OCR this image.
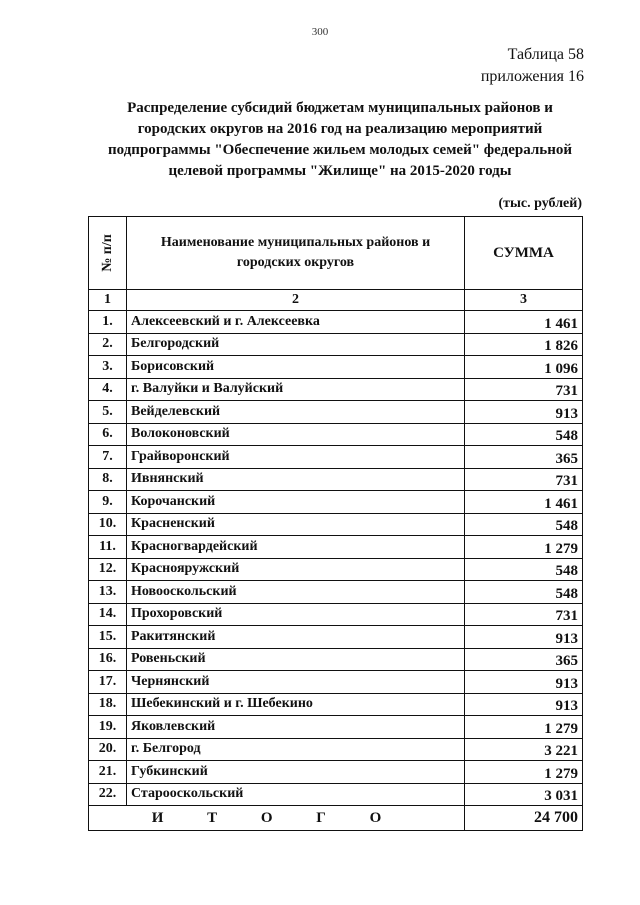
300
Таблица 58
приложения 16
Распределение субсидий бюджетам муниципальных районов и
городских округов на 2016 год на реализацию мероприятий
подпрограммы "Обеспечение жильем молодых семей" федеральной
целевой программы "Жилище" на 2015-2020 годы
(тыс. рублей)
№ п/п	Наименование муниципальных районов и
городских округов	СУММА
1	2	3
1.	Алексеевский и г. Алексеевка	1 461
2.	Белгородский	1 826
3.	Борисовский	1 096
4.	г. Валуйки и Валуйский	731
5.	Вейделевский	913
6.	Волоконовский	548
7.	Грайворонский	365
8.	Ивнянский	731
9.	Корочанский	1 461
10.	Красненский	548
11.	Красногвардейский	1 279
12.	Краснояружский	548
13.	Новооскольский	548
14.	Прохоровский	731
15.	Ракитянский	913
16.	Ровеньский	365
17.	Чернянский	913
18.	Шебекинский и г. Шебекино	913
19.	Яковлевский	1 279
20.	г. Белгород	3 221
21.	Губкинский	1 279
22.	Старооскольский	3 031
И Т О Г О		24 700
